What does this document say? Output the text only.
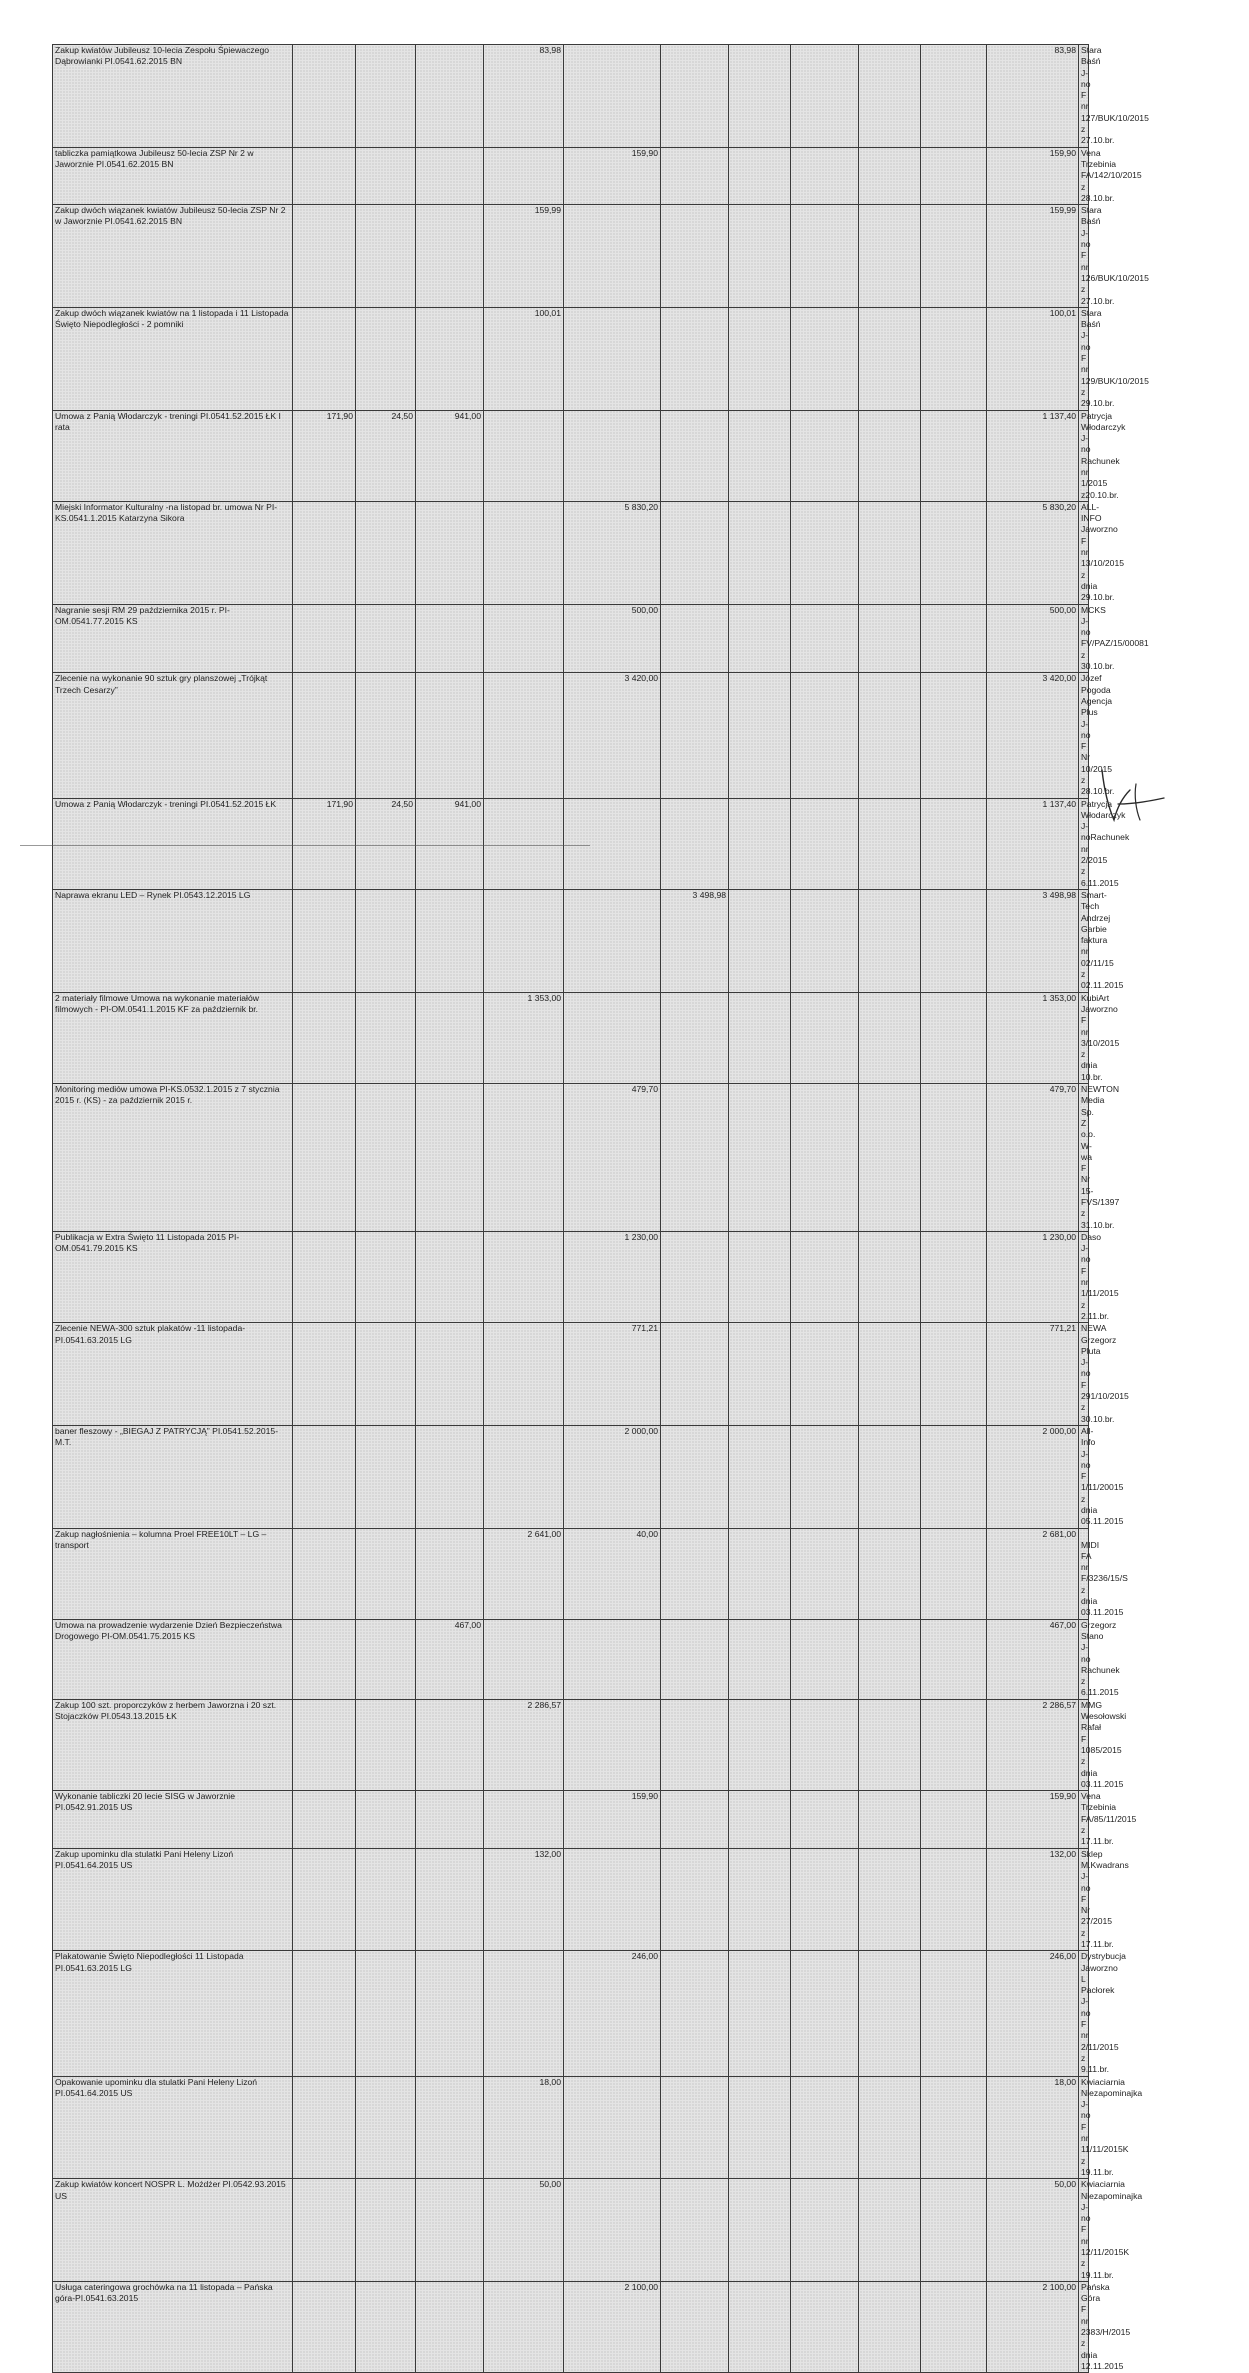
Zakup kwiatów Jubileusz 10-lecia Zespołu Śpiewaczego Dąbrowianki PI.0541.62.2015 BN				83,98							83,98	Stara Baśń J-no F nr 127/BUK/10/2015 z 27.10.br.
tabliczka pamiątkowa Jubileusz 50-lecia ZSP Nr 2 w Jaworznie PI.0541.62.2015 BN					159,90						159,90	Vena Trzebinia FA/142/10/2015 z 28.10.br.
Zakup dwóch wiązanek kwiatów Jubileusz 50-lecia ZSP Nr 2 w Jaworznie PI.0541.62.2015 BN				159,99							159,99	Stara Baśń J-no F nr 126/BUK/10/2015 z 27.10.br.
Zakup dwóch wiązanek kwiatów na 1 listopada i 11 Listopada Święto Niepodległości - 2 pomniki				100,01							100,01	Stara Baśń J-no F nr 129/BUK/10/2015 z 29.10.br.
Umowa z Panią Włodarczyk - treningi PI.0541.52.2015 ŁK I rata	171,90	24,50	941,00								1 137,40	Patrycja Włodarczyk J-no Rachunek nr 1/2015 z20.10.br.
Miejski Informator Kulturalny -na listopad br. umowa Nr PI-KS.0541.1.2015 Katarzyna Sikora					5 830,20						5 830,20	ALL-INFO Jaworzno F nr 13/10/2015 z dnia 29.10.br.
Nagranie sesji RM 29 października 2015 r. PI-OM.0541.77.2015 KS					500,00						500,00	MCKS J-no FV/PAZ/15/00081 z 30.10.br.
Zlecenie na wykonanie 90 sztuk gry planszowej „Trójkąt Trzech Cesarzy”					3 420,00						3 420,00	Józef Pogoda Agencja Plus J-no F Nr 10/2015 z 28.10.br.
Umowa z Panią Włodarczyk - treningi PI.0541.52.2015 ŁK	171,90	24,50	941,00								1 137,40	Patrycja Włodarczyk J-noRachunek nr 2/2015 z 6.11.2015
Naprawa ekranu LED – Rynek PI.0543.12.2015 LG						3 498,98					3 498,98	Smart-Tech Andrzej Garbie faktura nr 02/11/15 z 02.11.2015
2 materiały filmowe Umowa na wykonanie materiałów filmowych - PI-OM.0541.1.2015 KF za październik br.				1 353,00							1 353,00	KubiArt Jaworzno F nr 3/10/2015 z dnia 10.br.
Monitoring mediów umowa PI-KS.0532.1.2015 z 7 stycznia 2015 r. (KS) - za październik 2015 r.					479,70						479,70	NEWTON Media Sp. Z o.o. W-wa F Nr 15-FVS/1397 z 31.10.br.
Publikacja w Extra Święto 11 Listopada 2015 PI-OM.0541.79.2015 KS					1 230,00						1 230,00	Daso J-no F nr 1/11/2015 z 2.11.br.
Zlecenie NEWA-300 sztuk plakatów -11 listopada-PI.0541.63.2015 LG					771,21						771,21	NEWA Grzegorz Pluta J-no F 291/10/2015 z 30.10.br.
baner fleszowy - „BIEGAJ Z PATRYCJĄ” PI.0541.52.2015- M.T.					2 000,00						2 000,00	All-Info J-no F 1/11/20015 z dnia 05.11.2015
Zakup nagłośnienia – kolumna Proel FREE10LT – LG – transport				2 641,00	40,00						2 681,00	MIDI FA nr F/3236/15/S z dnia 03.11.2015

Umowa na prowadzenie wydarzenie Dzień Bezpieczeństwa Drogowego PI-OM.0541.75.2015 KS			467,00								467,00	Grzegorz Stano J-no Rachunek z 6.11.2015
Zakup 100 szt. proporczyków z herbem Jaworzna i 20 szt. Stojaczków PI.0543.13.2015 ŁK				2 286,57							2 286,57	MMG Wesołowski Rafał F 1085/2015 z dnia 03.11.2015
Wykonanie tabliczki 20 lecie SISG w Jaworznie PI.0542.91.2015 US					159,90						159,90	Vena Trzebinia FA/85/11/2015 z 17.11.br.
Zakup upominku dla stulatki Pani Heleny Lizoń PI.0541.64.2015 US				132,00							132,00	Sklep M.Kwadrans J-no F Nr 27/2015 z 17.11.br.
Plakatowanie Święto Niepodległości 11 Listopada PI.0541.63.2015 LG					246,00						246,00	Dystrybucja Jaworzno L Pacłorek J-no F nr 2/11/2015 z 9.11.br.
Opakowanie upominku dla stulatki Pani Heleny Lizoń PI.0541.64.2015 US				18,00							18,00	Kwiaciarnia Niezapominajka J-no F nr 11/11/2015K z 19.11.br.
Zakup kwiatów koncert NOSPR L. Możdżer PI.0542.93.2015 US				50,00							50,00	Kwiaciarnia Niezapominajka J-no F nr 12/11/2015K z 19.11.br.
Usługa cateringowa grochówka na 11 listopada – Pańska góra-PI.0541.63.2015					2 100,00						2 100,00	Pańska Góra F nr 2383/H/2015 z dnia 12.11.2015
